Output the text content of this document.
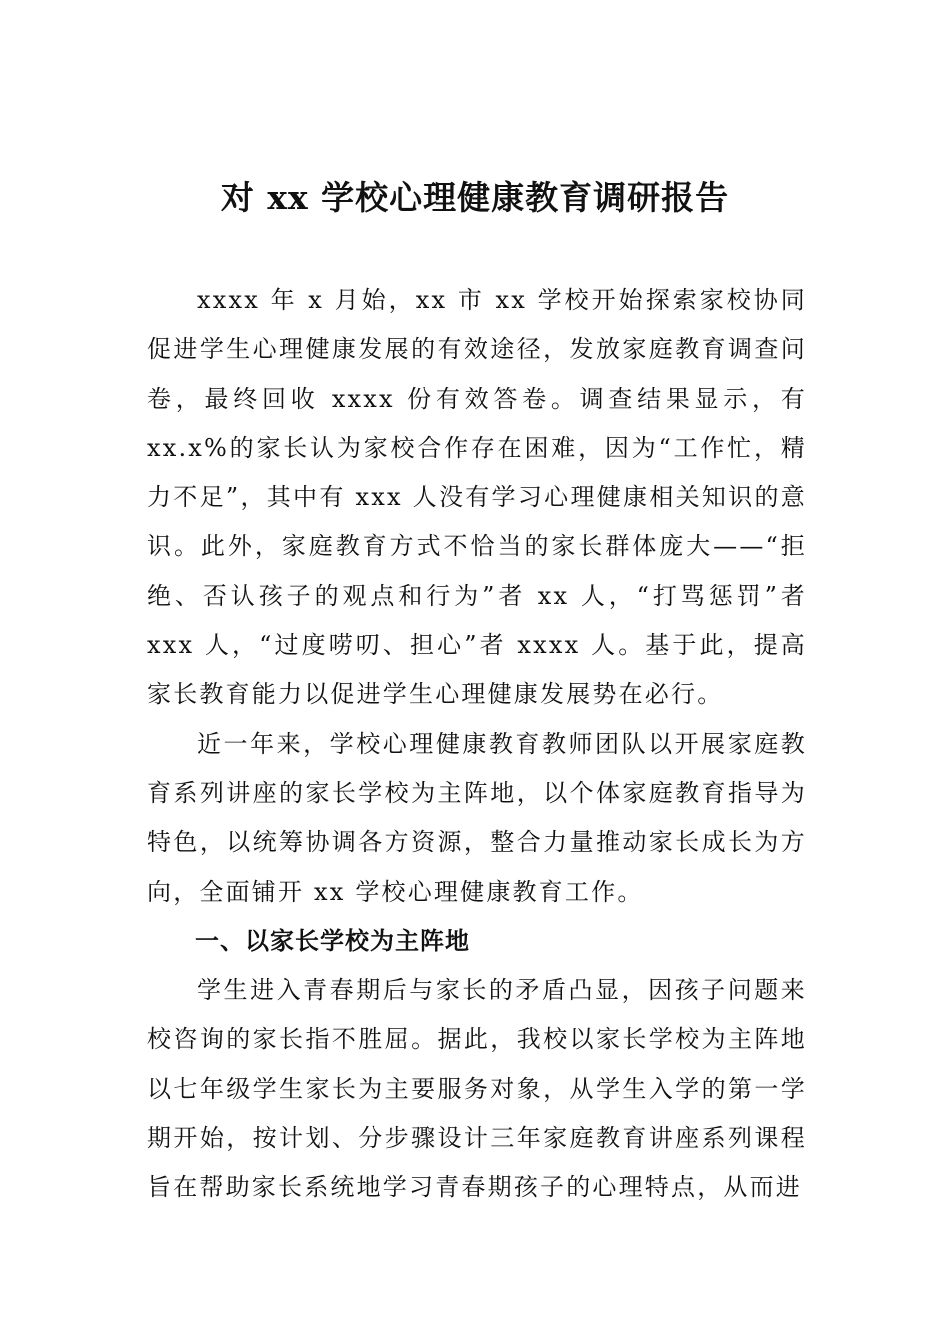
对 xx 学校心理健康教育调研报告

xxxx 年 x 月始，xx 市 xx 学校开始探索家校协同促进学生心理健康发展的有效途径，发放家庭教育调查问卷，最终回收 xxxx 份有效答卷。调查结果显示，有 xx.x%的家长认为家校合作存在困难，因为“工作忙，精力不足”，其中有 xxx 人没有学习心理健康相关知识的意识。此外，家庭教育方式不恰当的家长群体庞大——“拒绝、否认孩子的观点和行为”者 xx 人，“打骂惩罚”者 xxx 人，“过度唠叨、担心”者 xxxx 人。基于此，提高家长教育能力以促进学生心理健康发展势在必行。

近一年来，学校心理健康教育教师团队以开展家庭教育系列讲座的家长学校为主阵地，以个体家庭教育指导为特色，以统筹协调各方资源，整合力量推动家长成长为方向，全面铺开 xx 学校心理健康教育工作。

一、以家长学校为主阵地

学生进入青春期后与家长的矛盾凸显，因孩子问题来校咨询的家长指不胜屈。据此，我校以家长学校为主阵地以七年级学生家长为主要服务对象，从学生入学的第一学期开始，按计划、分步骤设计三年家庭教育讲座系列课程旨在帮助家长系统地学习青春期孩子的心理特点，从而进
